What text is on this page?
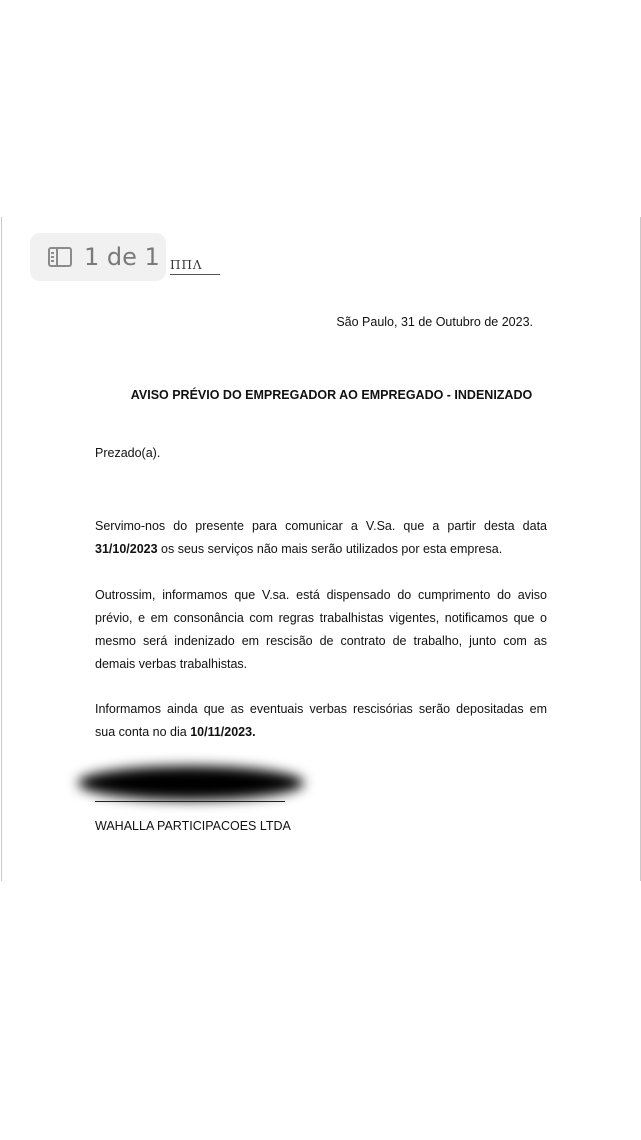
1 de 1 ΠΠΛ
São Paulo, 31 de Outubro de 2023.
AVISO PRÉVIO DO EMPREGADOR AO EMPREGADO - INDENIZADO
Prezado(a).
Servimo-nos do presente para comunicar a V.Sa. que a partir desta data 31/10/2023 os seus serviços não mais serão utilizados por esta empresa.
Outrossim, informamos que V.sa. está dispensado do cumprimento do aviso prévio, e em consonância com regras trabalhistas vigentes, notificamos que o mesmo será indenizado em rescisão de contrato de trabalho, junto com as demais verbas trabalhistas.
Informamos ainda que as eventuais verbas rescisórias serão depositadas em sua conta no dia 10/11/2023.
WAHALLA PARTICIPACOES LTDA
